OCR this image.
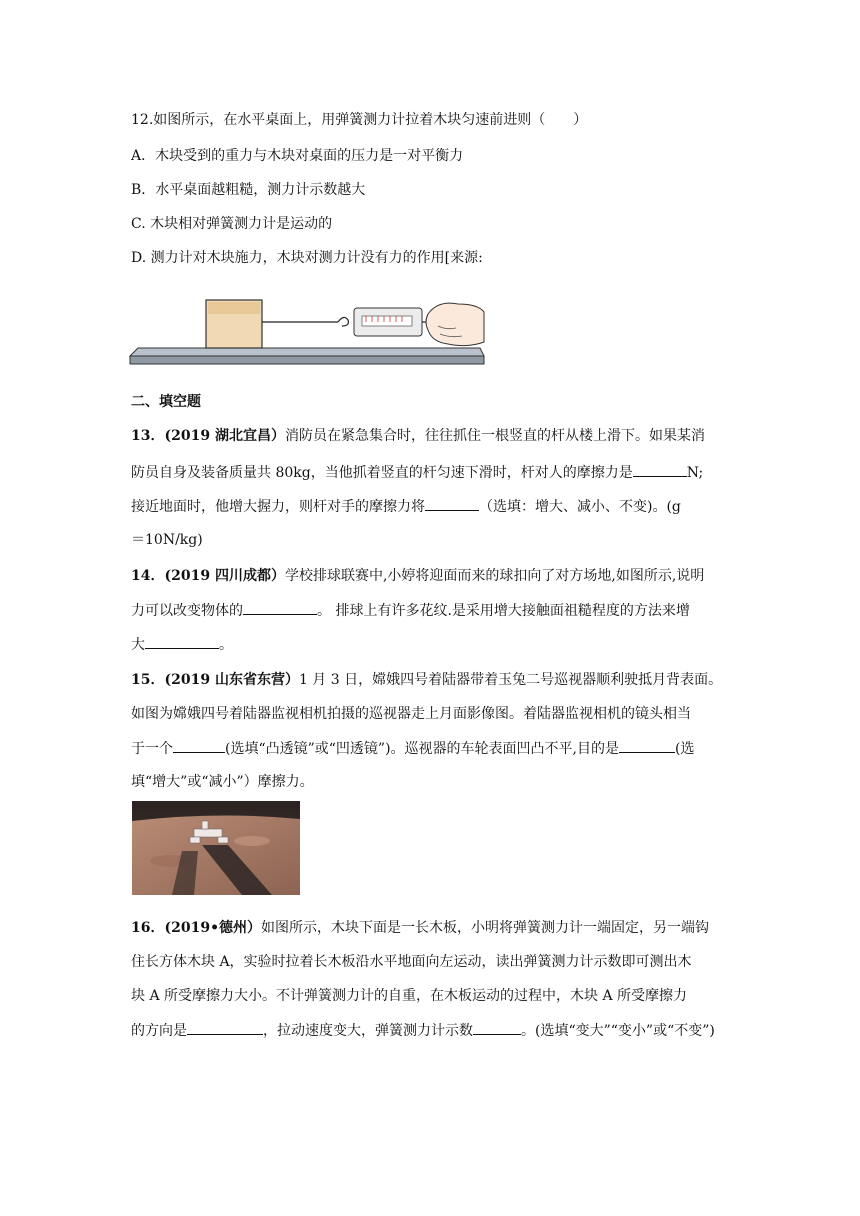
12.如图所示，在水平桌面上，用弹簧测力计拉着木块匀速前进则（　　）
A．木块受到的重力与木块对桌面的压力是一对平衡力
B．水平桌面越粗糙，测力计示数越大
C. 木块相对弹簧测力计是运动的
D. 测力计对木块施力，木块对测力计没有力的作用[来源:
二、填空题
13．(2019 湖北宜昌）消防员在紧急集合时，往往抓住一根竖直的杆从楼上滑下。如果某消
防员自身及装备质量共 80kg，当他抓着竖直的杆匀速下滑时，杆对人的摩擦力是	N;
接近地面时，他增大握力，则杆对手的摩擦力将	（选填：增大、减小、不变)。(g
＝10N/kg)
14．(2019 四川成都）学校排球联赛中,小婷将迎面而来的球扣向了对方场地,如图所示,说明
力可以改变物体的	。 排球上有许多花纹.是采用增大接触面祖糙程度的方法来增
大	。
15．(2019 山东省东营）1 月 3 日，嫦娥四号着陆器带着玉兔二号巡视器顺利驶抵月背表面。
如图为嫦娥四号着陆器监视相机拍摄的巡视器走上月面影像图。着陆器监视相机的镜头相当
于一个	(选填“凸透镜”或“凹透镜”)。巡视器的车轮表面凹凸不平,目的是	(选
填“增大”或“减小”）摩擦力。
16．(2019•德州）如图所示，木块下面是一长木板，小明将弹簧测力计一端固定，另一端钩
住长方体木块 A，实验时拉着长木板沿水平地面向左运动，读出弹簧测力计示数即可测出木
块 A 所受摩擦力大小。不计弹簧测力计的自重，在木板运动的过程中，木块 A 所受摩擦力
的方向是	，拉动速度变大，弹簧测力计示数	。(选填“变大”“变小”或“不变”)
